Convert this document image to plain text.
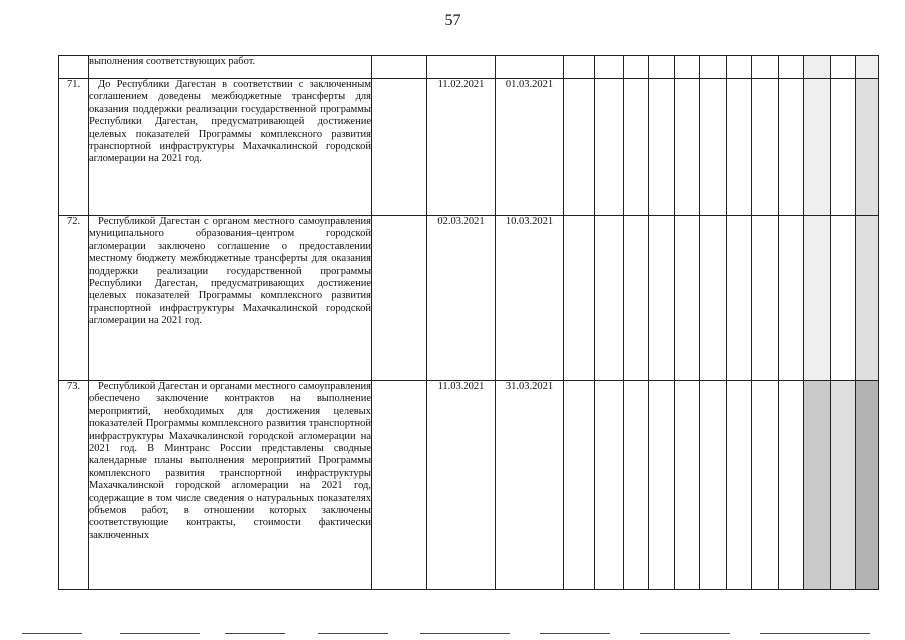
57
	выполнения соответствующих работ.															
71.	До Республики Дагестан в соответствии с заключенным соглашением доведены межбюджетные трансферты для оказания поддержки реализации государственной программы Республики Дагестан, предусматривающей достижение целевых показателей Программы комплексного развития транспортной инфраструктуры Махачкалинской городской агломерации на 2021 год.		11.02.2021	01.03.2021												
72.	Республикой Дагестан с органом местного самоуправления муниципального образования–центром городской агломерации заключено соглашение о предоставлении местному бюджету межбюджетные трансферты для оказания поддержки реализации государственной программы Республики Дагестан, предусматривающих достижение целевых показателей Программы комплексного развития транспортной инфраструктуры Махачкалинской городской агломерации на 2021 год.		02.03.2021	10.03.2021												
73.	Республикой Дагестан и органами местного самоуправления обеспечено заключение контрактов на выполнение мероприятий, необходимых для достижения целевых показателей Программы комплексного развития транспортной инфраструктуры Махачкалинской городской агломерации на 2021 год. В Минтранс России представлены сводные календарные планы выполнения мероприятий Программы комплексного развития транспортной инфраструктуры Махачкалинской городской агломерации на 2021 год, содержащие в том числе сведения о натуральных показателях объемов работ, в отношении которых заключены соответствующие контракты, стоимости фактически заключенных		11.03.2021	31.03.2021												
